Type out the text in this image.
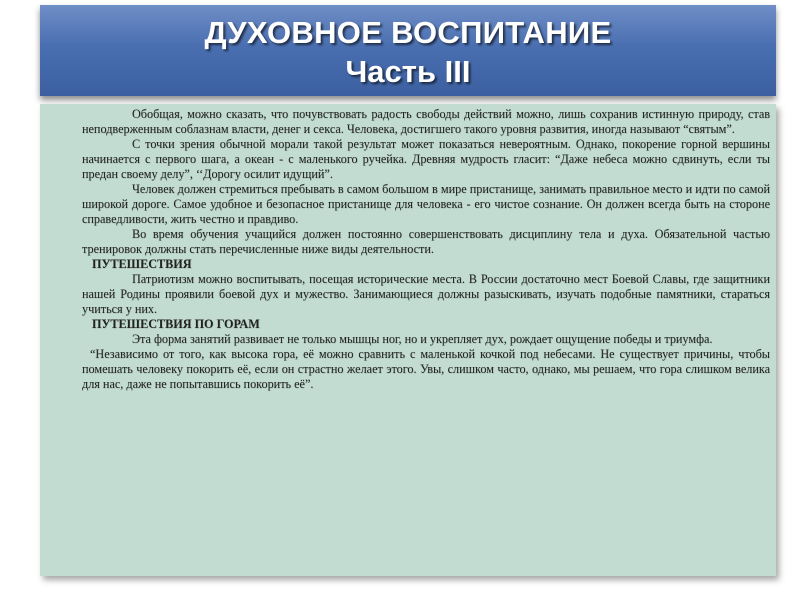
ДУХОВНОЕ ВОСПИТАНИЕ
Часть III

Обобщая, можно сказать, что почувствовать радость свободы действий можно, лишь сохранив истинную природу, став неподверженным соблазнам власти, денег и секса. Человека, достигшего такого уровня развития, иногда называют “святым”.

С точки зрения обычной морали такой результат может показаться невероятным. Однако, покорение горной вершины начинается с первого шага, а океан - с маленького ручейка. Древняя мудрость гласит: “Даже небеса можно сдвинуть, если ты предан своему делу”, ‘‘Дорогу осилит идущий”.

Человек должен стремиться пребывать в самом большом в мире пристанище, занимать правильное место и идти по самой широкой дороге. Самое удобное и безопасное пристанище для человека - его чистое сознание. Он должен всегда быть на стороне справедливости, жить честно и правдиво.

Во время обучения учащийся должен постоянно совершенствовать дисциплину тела и духа. Обязательной частью тренировок должны стать перечисленные ниже виды деятельности.

ПУТЕШЕСТВИЯ

Патриотизм можно воспитывать, посещая исторические места. В России достаточно мест Боевой Славы, где защитники нашей Родины проявили боевой дух и мужество. Занимающиеся должны разыскивать, изучать подобные памятники, стараться учиться у них.

ПУТЕШЕСТВИЯ ПО ГОРАМ

Эта форма занятий развивает не только мышцы ног, но и укрепляет дух, рождает ощущение победы и триумфа.

“Независимо от того, как высока гора, её можно сравнить с маленькой кочкой под небесами. Не существует причины, чтобы помешать человеку покорить её, если он страстно желает этого. Увы, слишком часто, однако, мы решаем, что гора слишком велика для нас, даже не попытавшись покорить её”.
